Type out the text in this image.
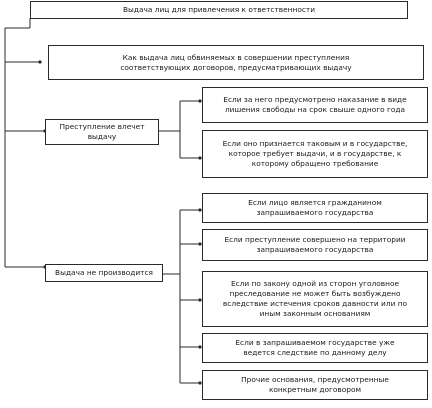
Выдача лиц для привлечения к ответственности
Как выдача лиц обвиняемых в совершении преступления
соответствующих договоров, предусматривающих выдачу
Преступление влечет
выдачу
Выдача не производится
Если за него предусмотрено наказание в виде
лишения свободы на срок свыше одного года
Если оно признается таковым и в государстве,
которое требует выдачи, и в государстве, к
которому обращено требование
Если лицо является гражданином
запрашиваемого государства
Если преступление совершено на территории
запрашиваемого государства
Если по закону одной из сторон уголовное
преследование не может быть возбуждено
вследствие истечения сроков давности или по
иным законным основаниям
Если в запрашиваемом государстве уже
ведется следствие по данному делу
Прочие основания, предусмотренные
конкретным договором
